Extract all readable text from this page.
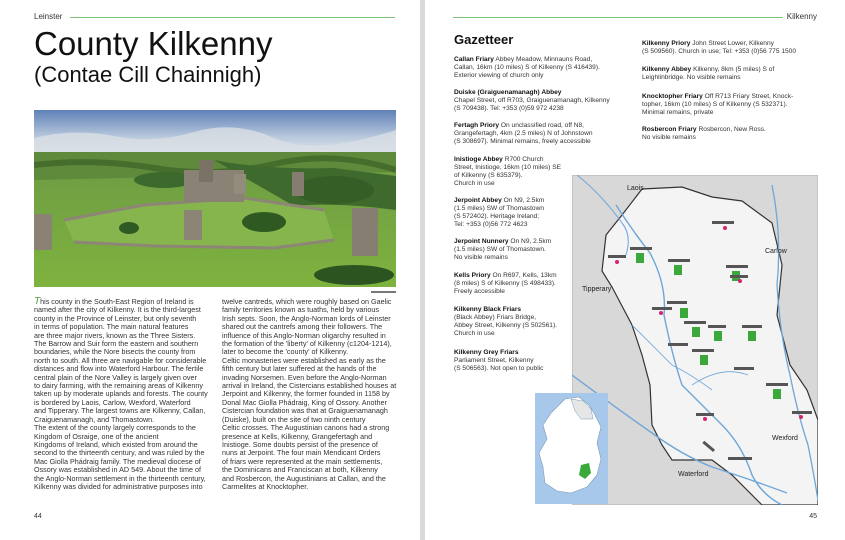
Leinster
County Kilkenny
(Contae Cill Chainnigh)

This county in the South-East Region of Ireland is

named after the city of Kilkenny. It is the third-largest

county in the Province of Leinster, but only seventh

in terms of population. The main natural features

are three major rivers, known as the Three Sisters.

The Barrow and Suir form the eastern and southern

boundaries, while the Nore bisects the county from

north to south. All three are navigable for considerable

distances and flow into Waterford Harbour. The fertile

central plain of the Nore Valley is largely given over

to dairy farming, with the remaining areas of Kilkenny

taken up by moderate uplands and forests. The county

is bordered by Laois, Carlow, Wexford, Waterford

and Tipperary. The largest towns are Kilkenny, Callan,

Craiguenamanagh, and Thomastown.

The extent of the county largely corresponds to the

Kingdom of Osraige, one of the ancient

Kingdoms of Ireland, which existed from around the

second to the thirteenth century, and was ruled by the

Mac Giolla Phádraig family. The medieval diocese of

Ossory was established in AD 549. About the time of

the Anglo-Norman settlement in the thirteenth century,

Kilkenny was divided for administrative purposes into

twelve cantreds, which were roughly based on Gaelic

family territories known as tuaths, held by various

Irish septs. Soon, the Anglo-Norman lords of Leinster

shared out the cantrefs among their followers. The

influence of this Anglo-Norman oligarchy resulted in

the formation of the 'liberty' of Kilkenny (c1204-1214),

later to become the 'county' of Kilkenny.

Celtic monasteries were established as early as the

fifth century but later suffered at the hands of the

invading Norsemen. Even before the Anglo-Norman

arrival in Ireland, the Cistercians established houses at

Jerpoint and Kilkenny, the former founded in 1158 by

Donal Mac Giolla Phádraig, King of Ossory. Another

Cistercian foundation was that at Graiguenamanagh

(Duiske), built on the site of two ninth century

Celtic crosses. The Augustinian canons had a strong

presence at Kells, Kilkenny, Grangefertagh and

Inistioge. Some doubts persist of the presence of

nuns at Jerpoint. The four main Mendicant Orders

of friars were represented at the main settlements,

the Dominicans and Franciscan at both, Kilkenny

and Rosbercon, the Augustinians at Callan, and the

Carmelites at Knocktopher.

44
Kilkenny
Gazetteer
Callan Friary Abbey Meadow, Minnauns Road,
Callan, 16km (10 miles) S of Kilkenny (S 416439).
Exterior viewing of church only
Duiske (Graiguenamanagh) Abbey
Chapel Street, off R703, Graiguenamanagh, Kilkenny
(S 709438). Tel: +353 (0)59 972 4238
Fertagh Priory On unclassified road, off N8,
Grangefertagh, 4km (2.5 miles) N of Johnstown
(S 308697). Minimal remains, freely accessible
Inistioge Abbey R700 Church
Street, Inistioge, 16km (10 miles) SE
of Kilkenny (S 635379).
Church in use
Jerpoint Abbey On N9, 2.5km
(1.5 miles) SW of Thomastown
(S 572402). Heritage Ireland;
Tel: +353 (0)56 772 4623
Jerpoint Nunnery On N9, 2.5km
(1.5 miles) SW of Thomastown.
No visible remains
Kells Priory On R697, Kells, 13km
(8 miles) S of Kilkenny (S 498433).
Freely accessible
Kilkenny Black Friars
(Black Abbey) Friars Bridge,
Abbey Street, Kilkenny (S 502561).
Church in use
Kilkenny Grey Friars
Parliament Street, Kilkenny
(S 506563). Not open to public
Kilkenny Priory John Street Lower, Kilkenny
(S 509560). Church in use; Tel: +353 (0)56 775 1500
Kilkenny Abbey Kilkenny, 8km (5 miles) S of
Leighlinbridge. No visible remains
Knocktopher Friary Off R713 Friary Street, Knock-
topher, 16km (10 miles) S of Kilkenny (S 532371).
Minimal remains, private
Rosbercon Friary Rosbercon, New Ross.
No visible remains
Laois
Carlow
Tipperary
Wexford
Waterford
45
